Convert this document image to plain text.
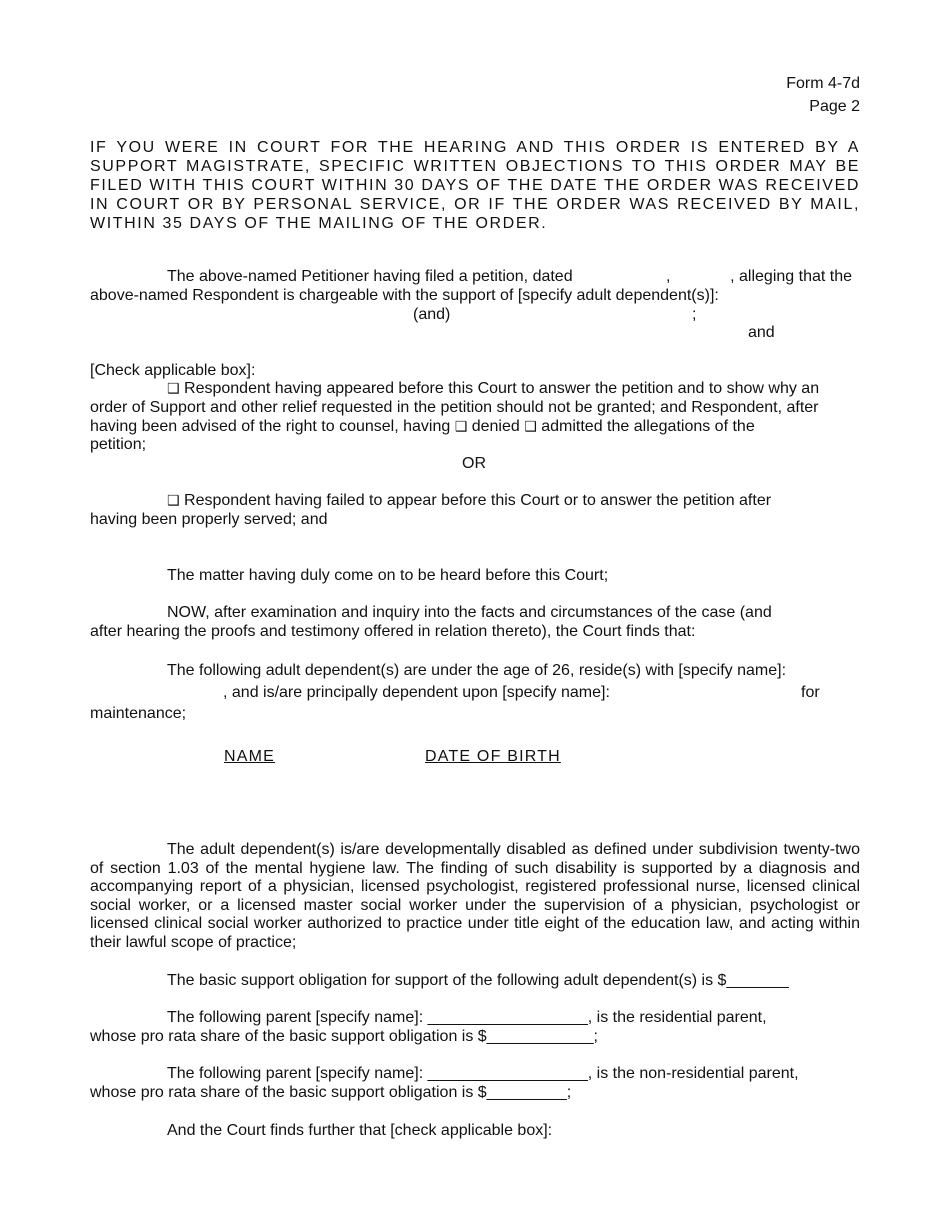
Form 4-7d
Page 2
IF YOU WERE IN COURT FOR THE HEARING AND THIS ORDER IS ENTERED BY A SUPPORT MAGISTRATE, SPECIFIC WRITTEN OBJECTIONS TO THIS ORDER MAY BE FILED WITH THIS COURT WITHIN 30 DAYS OF THE DATE THE ORDER WAS RECEIVED IN COURT OR BY PERSONAL SERVICE, OR IF THE ORDER WAS RECEIVED BY MAIL, WITHIN 35 DAYS OF THE MAILING OF THE ORDER.
The above-named Petitioner having filed a petition, dated	,	, alleging that the
above-named Respondent is chargeable with the support of [specify adult dependent(s)]:
(and)	;
and
[Check applicable box]:
❑ Respondent having appeared before this Court to answer the petition and to show why an
order of Support and other relief requested in the petition should not be granted; and Respondent, after
having been advised of the right to counsel, having ❑ denied ❑ admitted the allegations of the
petition;
OR
❑ Respondent having failed to appear before this Court or to answer the petition after
having been properly served; and
The matter having duly come on to be heard before this Court;
NOW, after examination and inquiry into the facts and circumstances of the case (and
after hearing the proofs and testimony offered in relation thereto), the Court finds that:
The following adult dependent(s) are under the age of 26, reside(s) with [specify name]:
, and is/are principally dependent upon [specify name]:	for
maintenance;
NAME	DATE OF BIRTH
The adult dependent(s) is/are developmentally disabled as defined under subdivision twenty-two of section 1.03 of the mental hygiene law. The finding of such disability is supported by a diagnosis and accompanying report of a physician, licensed psychologist, registered professional nurse, licensed clinical social worker, or a licensed master social worker under the supervision of a physician, psychologist or licensed clinical social worker authorized to practice under title eight of the education law, and acting within their lawful scope of practice;
The basic support obligation for support of the following adult dependent(s) is $_______
The following parent [specify name]: __________________, is the residential parent,
whose pro rata share of the basic support obligation is $____________;
The following parent [specify name]: __________________, is the non-residential parent,
whose pro rata share of the basic support obligation is $_________;
And the Court finds further that [check applicable box]:
